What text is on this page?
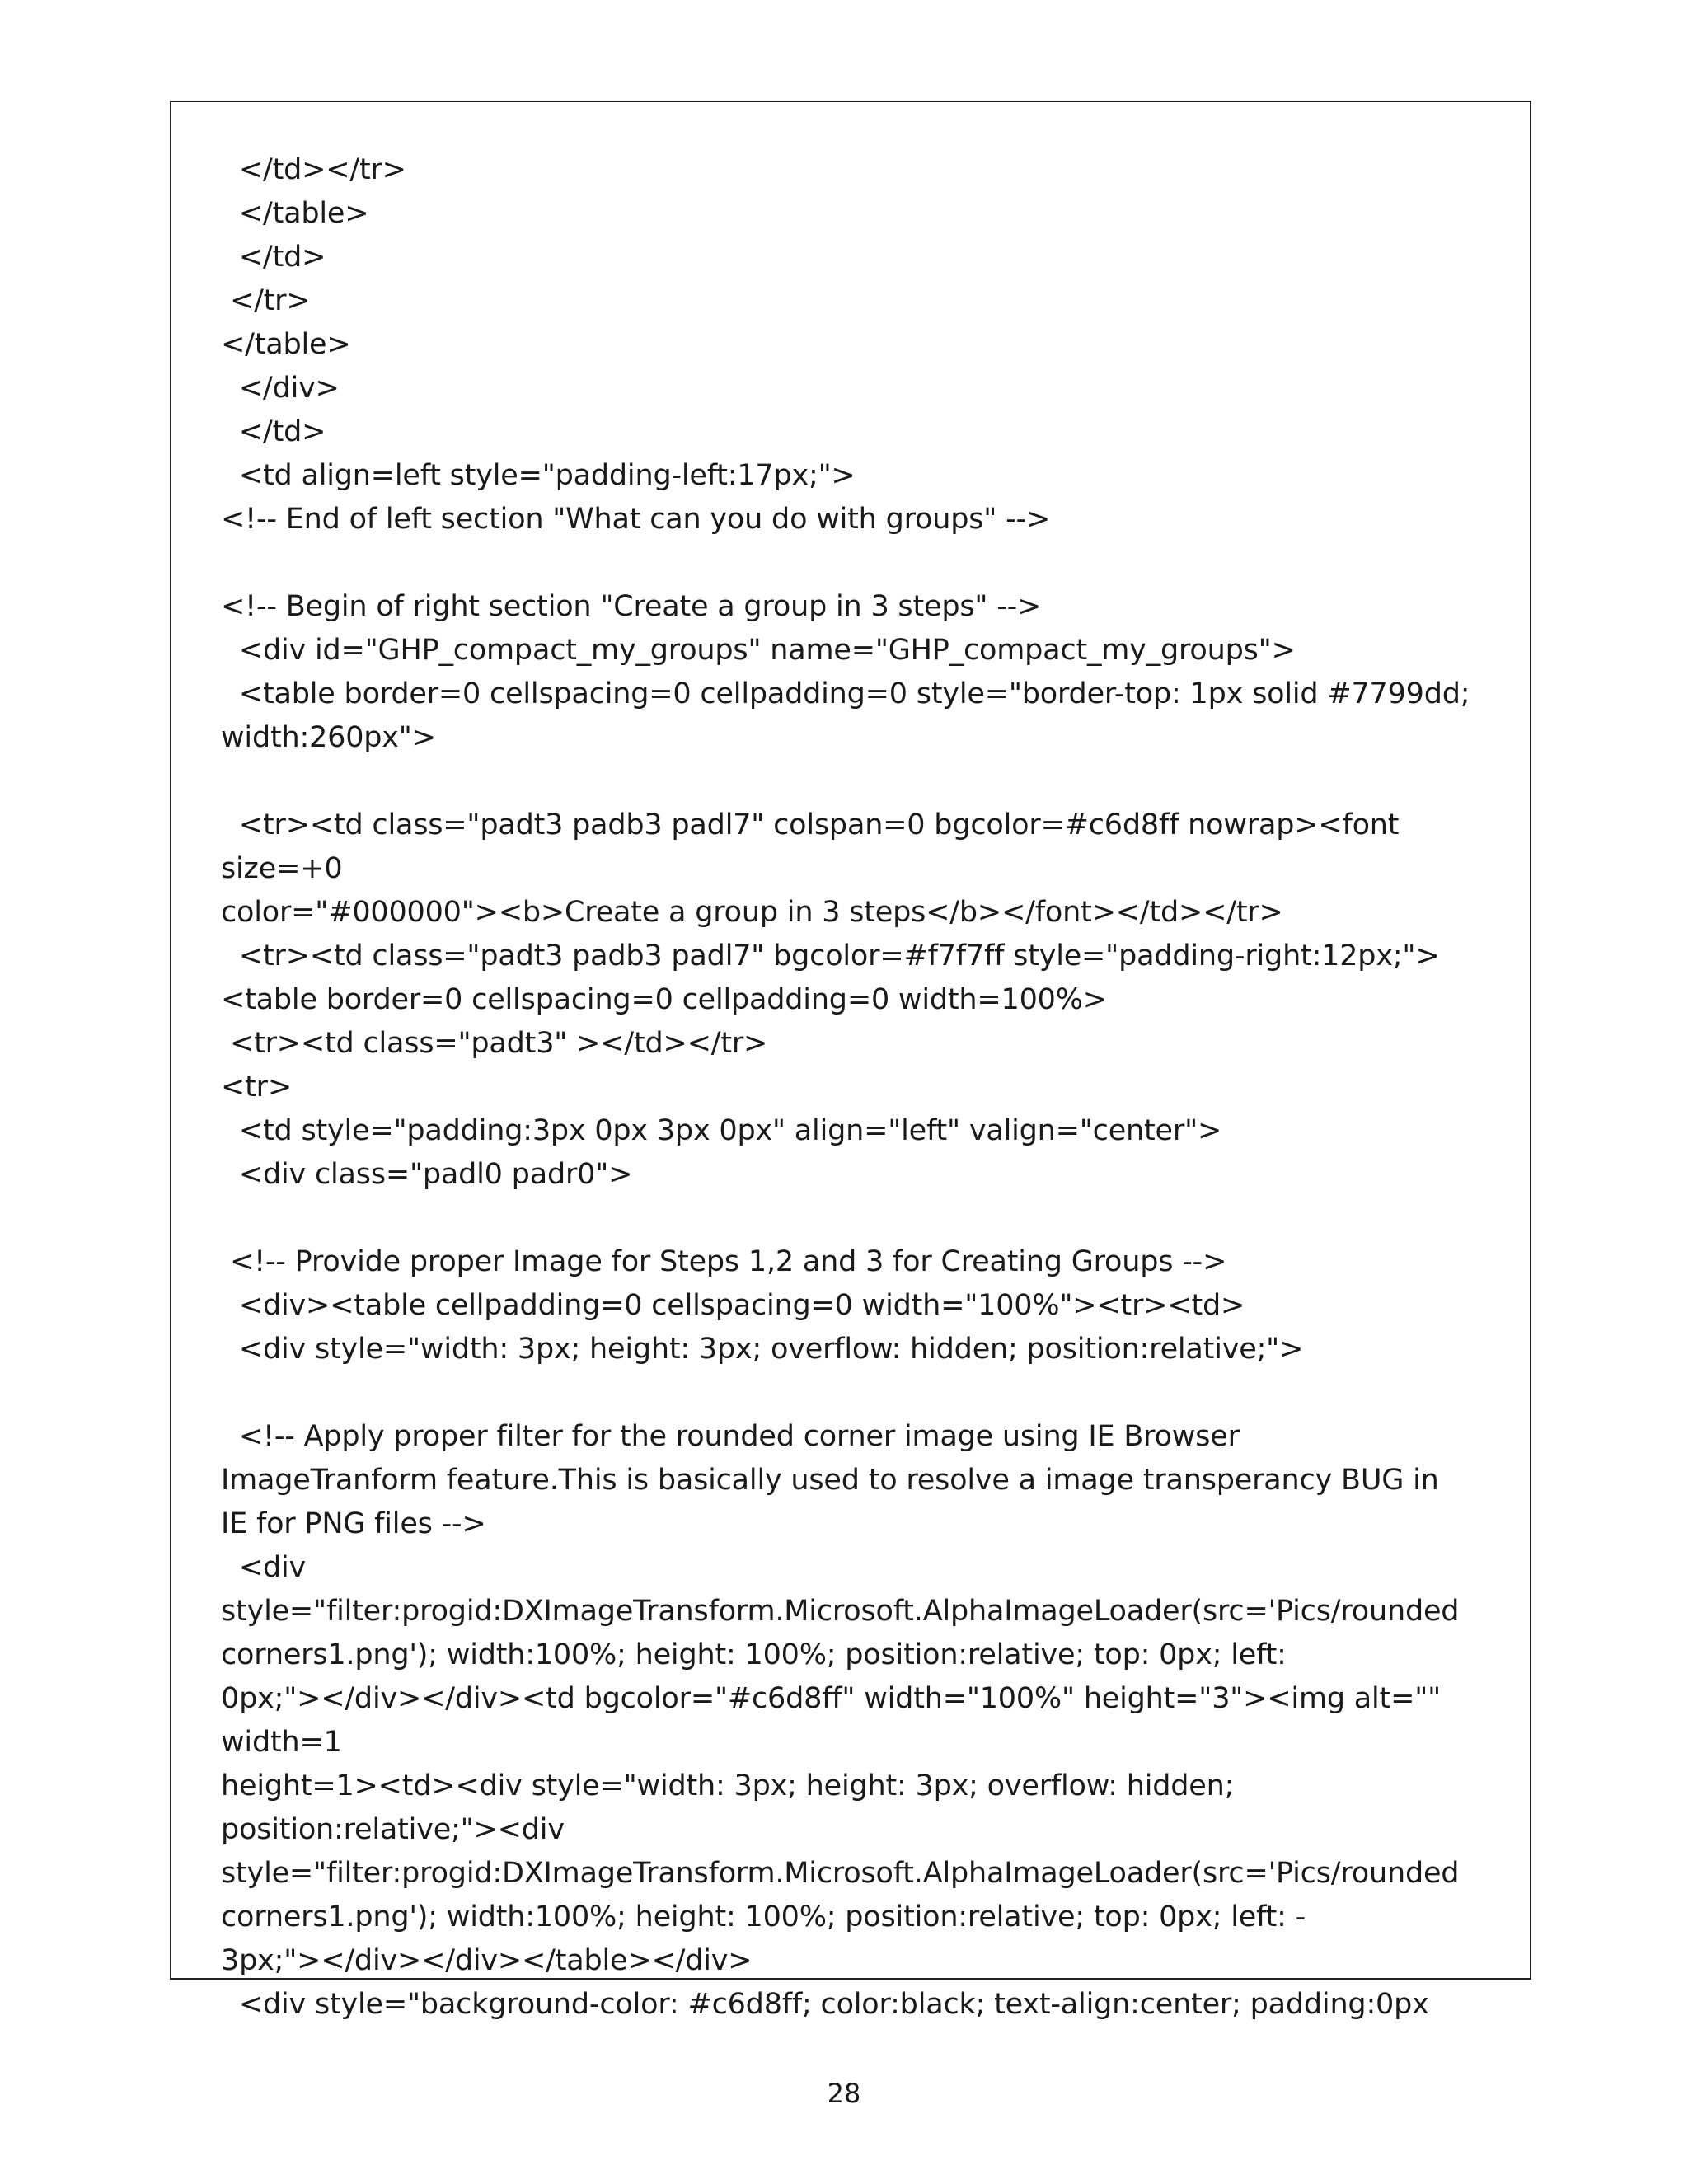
</td></tr>
</table>
</td>
</tr>
</table>
</div>
</td>
<td align=left style="padding-left:17px;">
<!-- End of left section "What can you do with groups" -->
<!-- Begin of right section "Create a group in 3 steps" -->
<div id="GHP_compact_my_groups" name="GHP_compact_my_groups">
<table border=0 cellspacing=0 cellpadding=0 style="border-top: 1px solid #7799dd;
width:260px">
<tr><td class="padt3 padb3 padl7" colspan=0 bgcolor=#c6d8ff nowrap><font size=+0
color="#000000"><b>Create a group in 3 steps</b></font></td></tr>
<tr><td class="padt3 padb3 padl7" bgcolor=#f7f7ff style="padding-right:12px;">
<table border=0 cellspacing=0 cellpadding=0 width=100%>
<tr><td class="padt3" ></td></tr>
<tr>
<td style="padding:3px 0px 3px 0px" align="left" valign="center">
<div class="padl0 padr0">
<!-- Provide proper Image for Steps 1,2 and 3 for Creating Groups -->
<div><table cellpadding=0 cellspacing=0 width="100%"><tr><td>
<div style="width: 3px; height: 3px; overflow: hidden; position:relative;">
<!-- Apply proper filter for the rounded corner image using IE Browser
ImageTranform feature.This is basically used to resolve a image transperancy BUG in
IE for PNG files -->
<div
style="filter:progid:DXImageTransform.Microsoft.AlphaImageLoader(src='Pics/rounded
corners1.png'); width:100%; height: 100%; position:relative; top: 0px; left:
0px;"></div></div><td bgcolor="#c6d8ff" width="100%" height="3"><img alt="" width=1
height=1><td><div style="width: 3px; height: 3px; overflow: hidden;
position:relative;"><div
style="filter:progid:DXImageTransform.Microsoft.AlphaImageLoader(src='Pics/rounded
corners1.png'); width:100%; height: 100%; position:relative; top: 0px; left: -
3px;"></div></div></table></div>
<div style="background-color: #c6d8ff; color:black; text-align:center; padding:0px
28
